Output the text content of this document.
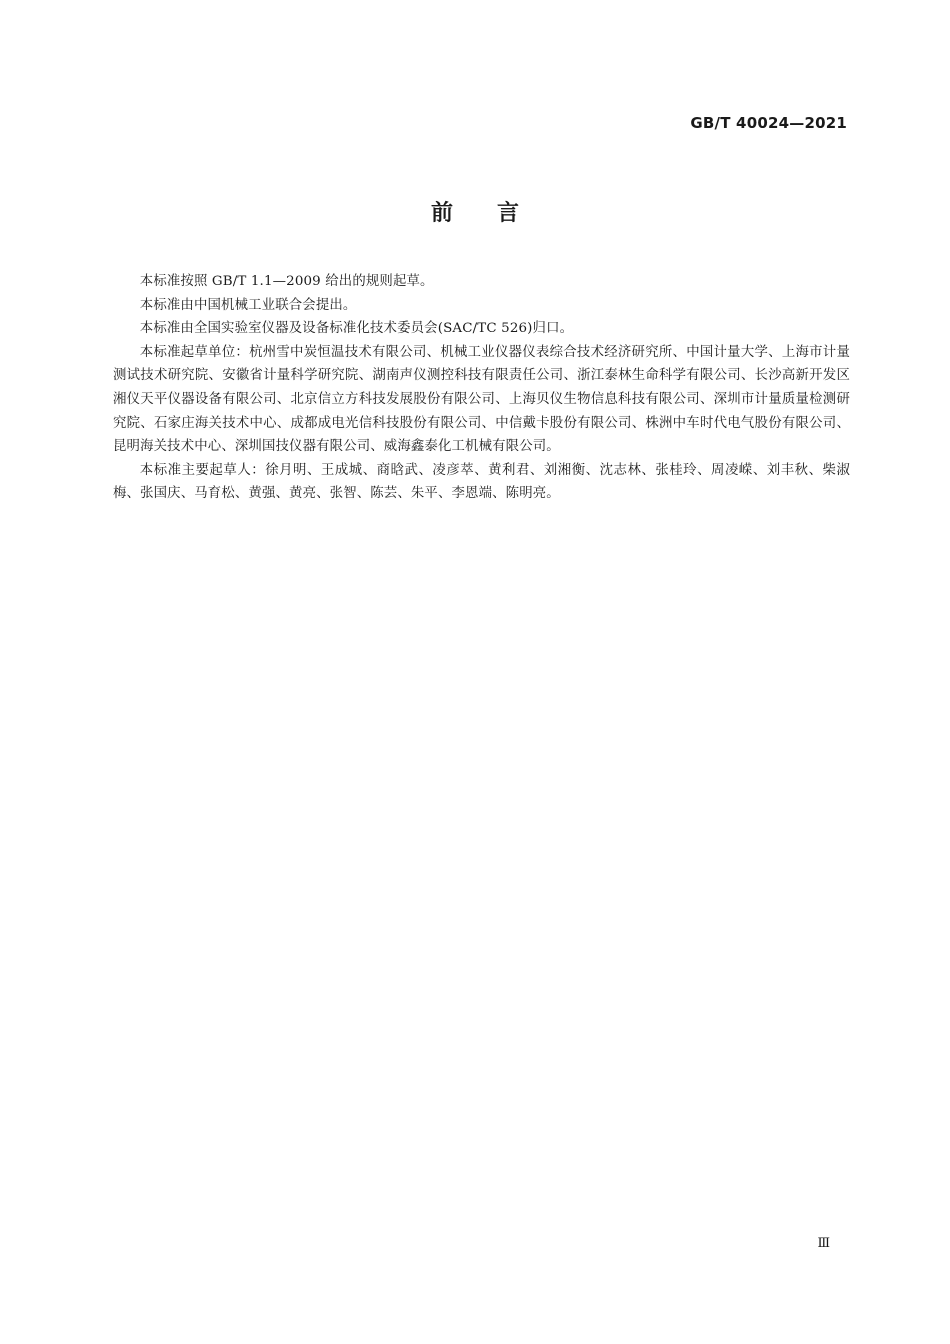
GB/T 40024—2021
前言

本标准按照 GB/T 1.1—2009 给出的规则起草。

本标准由中国机械工业联合会提出。

本标准由全国实验室仪器及设备标准化技术委员会(SAC/TC 526)归口。

本标准起草单位：杭州雪中炭恒温技术有限公司、机械工业仪器仪表综合技术经济研究所、中国计量大学、上海市计量测试技术研究院、安徽省计量科学研究院、湖南声仪测控科技有限责任公司、浙江泰林生命科学有限公司、长沙高新开发区湘仪天平仪器设备有限公司、北京信立方科技发展股份有限公司、上海贝仪生物信息科技有限公司、深圳市计量质量检测研究院、石家庄海关技术中心、成都成电光信科技股份有限公司、中信戴卡股份有限公司、株洲中车时代电气股份有限公司、昆明海关技术中心、深圳国技仪器有限公司、威海鑫泰化工机械有限公司。

本标准主要起草人：徐月明、王成城、商晗武、凌彦萃、黄利君、刘湘衡、沈志林、张桂玲、周凌嵘、刘丰秋、柴淑梅、张国庆、马育松、黄强、黄亮、张智、陈芸、朱平、李恩端、陈明亮。

Ⅲ
